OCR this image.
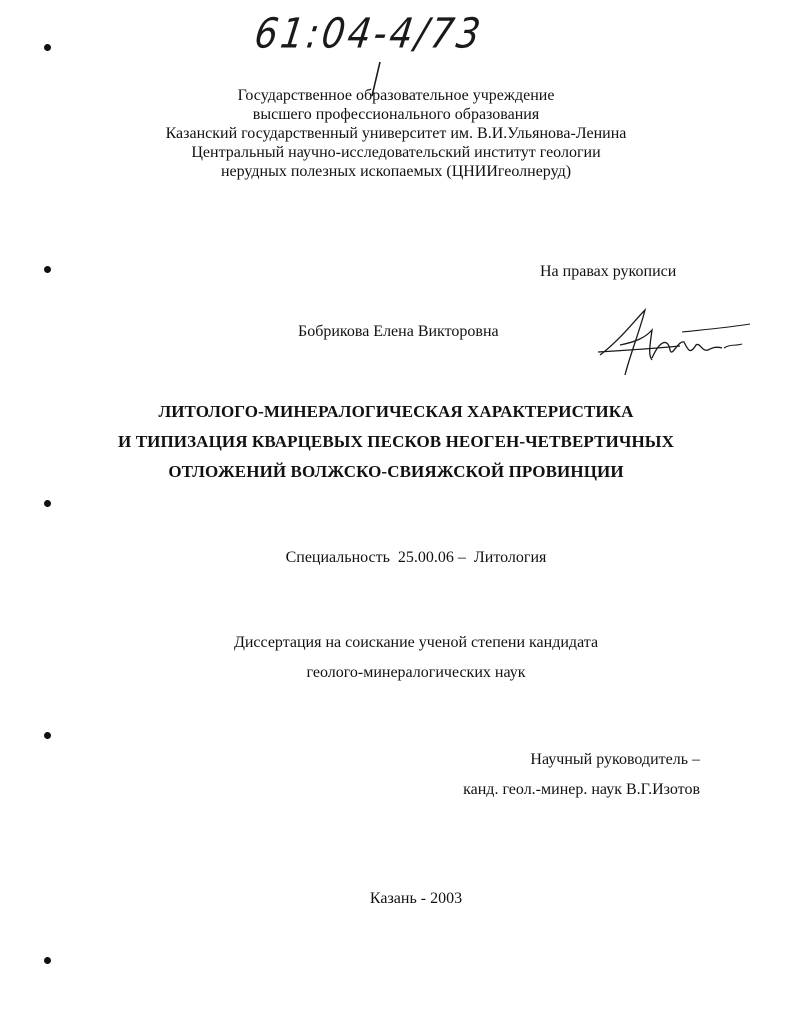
61:04-4/73
Государственное образовательное учреждение
высшего профессионального образования
Казанский государственный университет им. В.И.Ульянова-Ленина
Центральный научно-исследовательский институт геологии
нерудных полезных ископаемых (ЦНИИгеолнеруд)
На правах рукописи
Бобрикова Елена Викторовна
ЛИТОЛОГО-МИНЕРАЛОГИЧЕСКАЯ ХАРАКТЕРИСТИКА
И ТИПИЗАЦИЯ КВАРЦЕВЫХ ПЕСКОВ НЕОГЕН-ЧЕТВЕРТИЧНЫХ
ОТЛОЖЕНИЙ ВОЛЖСКО-СВИЯЖСКОЙ ПРОВИНЦИИ
Специальность  25.00.06 –  Литология
Диссертация на соискание ученой степени кандидата
геолого-минералогических наук
Научный руководитель –
канд. геол.-минер. наук В.Г.Изотов
Казань - 2003
